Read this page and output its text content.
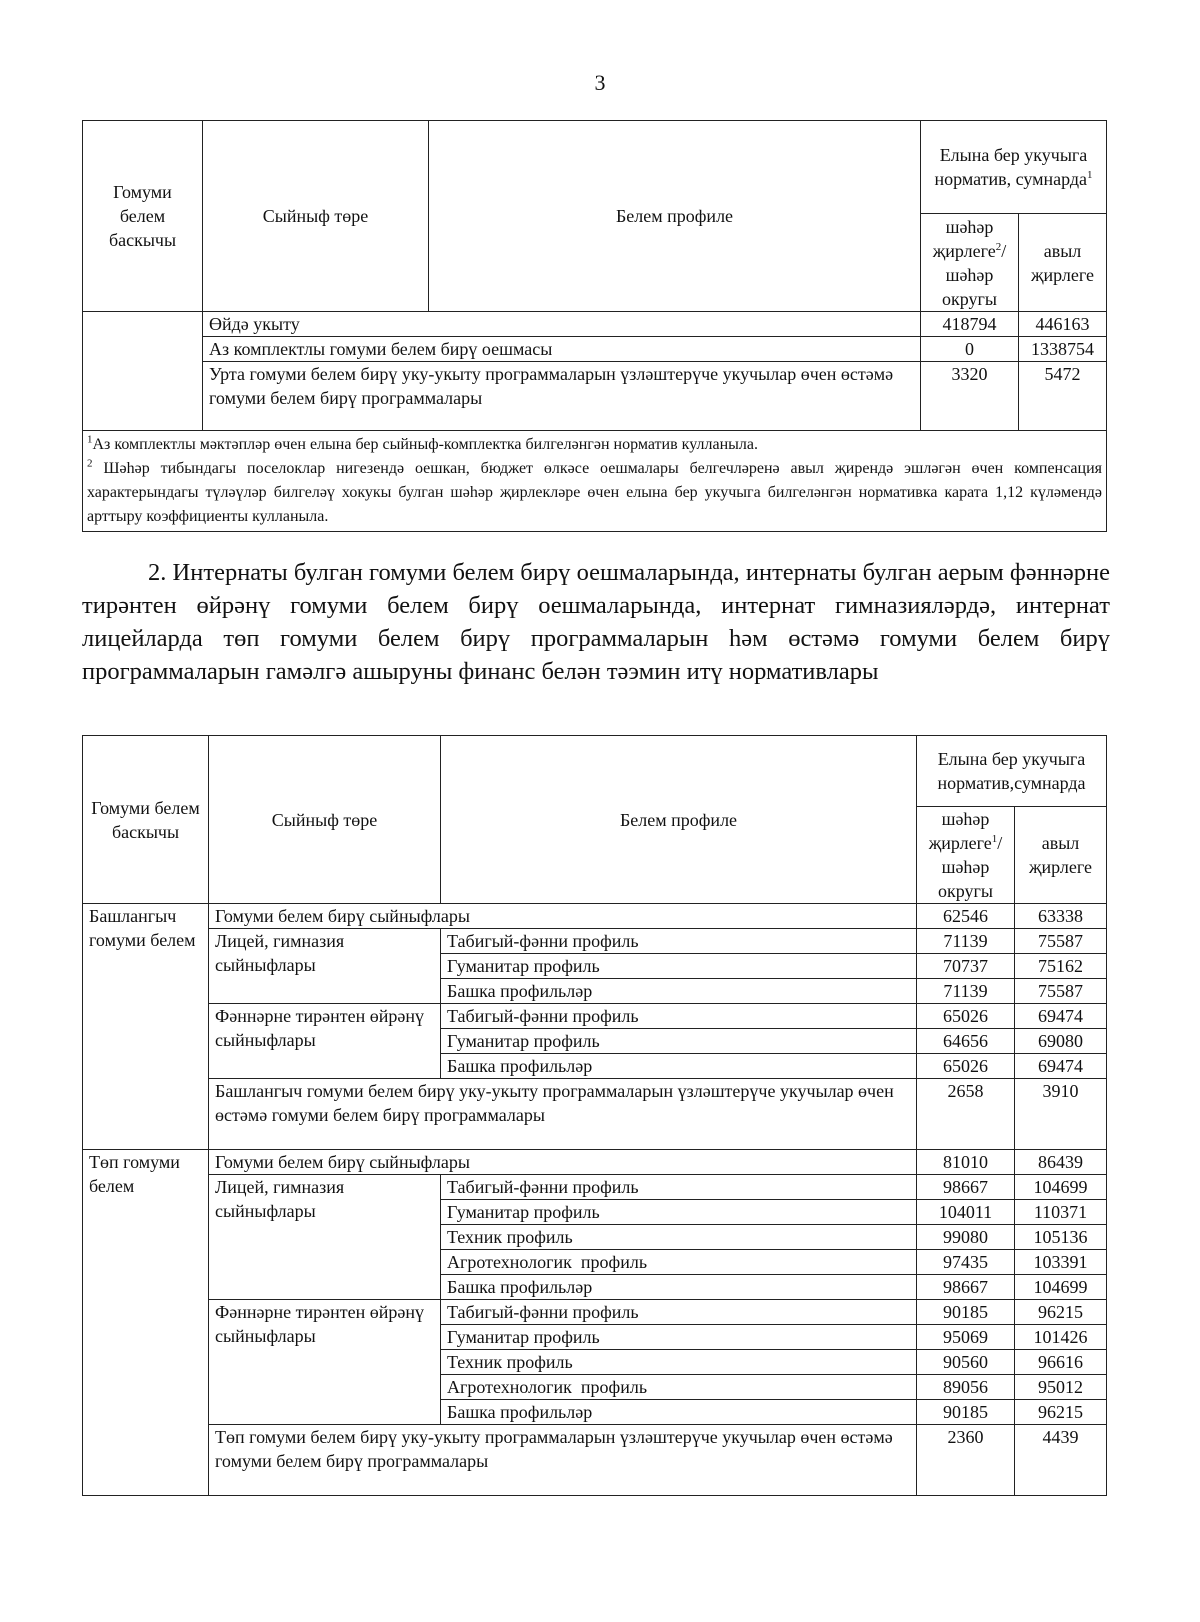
3
Гомуми белем баскычы	Сыйныф төре	Белем профиле	Елына бер укучыга норматив, сумнарда$^1$
			шәһәр җирлеге$^2$/ шәһәр округы	авыл җирлеге
	Өйдә укыту		418794	446163
	Аз комплектлы гомуми белем бирү оешмасы		0	1338754
	Урта гомуми белем бирү уку-укыту программаларын үзләштерүче укучылар өчен өстәмә гомуми белем бирү программалары		3320	5472

$^1$Аз комплектлы мәктәпләр өчен елына бер сыйныф-комплектка билгеләнгән норматив кулланыла.
$^2$ Шәһәр тибындагы поселоклар нигезендә оешкан, бюджет өлкәсе оешмалары белгечләренә авыл җирендә эшләгән өчен компенсация характерындагы түләүләр билгеләү хокукы булган шәһәр җирлекләре өчен елына бер укучыга билгеләнгән нормативка карата 1,12 күләмендә арттыру коэффициенты кулланыла.				
2. Интернаты булган гомуми белем бирү оешмаларында, интернаты булган аерым фәннәрне тирәнтен өйрәнү гомуми белем бирү оешмаларында, интернат гимназияләрдә, интернат лицейларда төп гомуми белем бирү программаларын һәм өстәмә гомуми белем бирү программаларын гамәлгә ашыруны финанс белән тәэмин итү нормативлары
Гомуми белем баскычы	Сыйныф төре	Белем профиле	Елына бер укучыга норматив,сумнарда	
			шәһәр җирлеге$^1$/ шәһәр округы	авыл җирлеге
Башлангыч гомуми белем	Гомуми белем бирү сыйныфлары		62546	63338
	Лицей, гимназия сыйныфлары	Табигый-фәнни профиль	71139	75587
		Гуманитар профиль	70737	75162
		Башка профильләр	71139	75587
	Фәннәрне тирәнтен өйрәнү сыйныфлары	Табигый-фәнни профиль	65026	69474
		Гуманитар профиль	64656	69080
		Башка профильләр	65026	69474
	Башлангыч гомуми белем бирү уку-укыту программаларын үзләштерүче укучылар өчен өстәмә гомуми белем бирү программалары		2658	3910
Төп гомуми белем	Гомуми белем бирү сыйныфлары		81010	86439
	Лицей, гимназия сыйныфлары	Табигый-фәнни профиль	98667	104699
		Гуманитар профиль	104011	110371
		Техник профиль	99080	105136
		Агротехнологик  профиль	97435	103391
		Башка профильләр	98667	104699
	Фәннәрне тирәнтен өйрәнү сыйныфлары	Табигый-фәнни профиль	90185	96215
		Гуманитар профиль	95069	101426
		Техник профиль	90560	96616
		Агротехнологик  профиль	89056	95012
		Башка профильләр	90185	96215
	Төп гомуми белем бирү уку-укыту программаларын үзләштерүче укучылар өчен өстәмә гомуми белем бирү программалары		2360	4439
